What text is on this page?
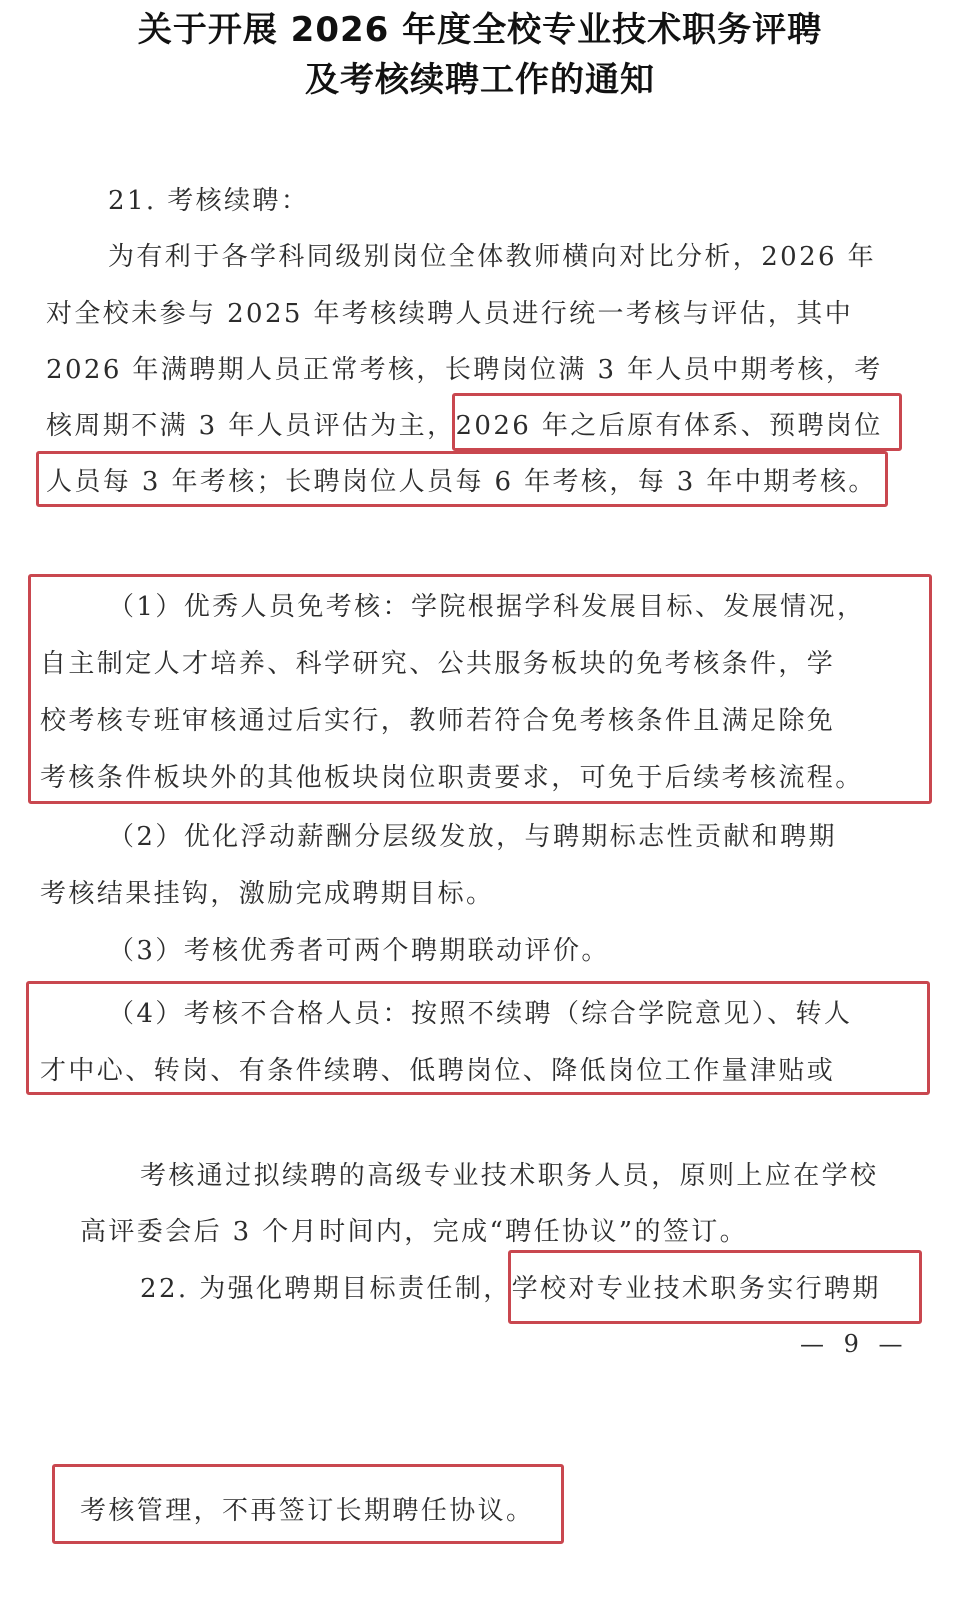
关于开展 2026 年度全校专业技术职务评聘
及考核续聘工作的通知
21. 考核续聘：
为有利于各学科同级别岗位全体教师横向对比分析，2026 年
对全校未参与 2025 年考核续聘人员进行统一考核与评估，其中
2026 年满聘期人员正常考核，长聘岗位满 3 年人员中期考核，考
核周期不满 3 年人员评估为主，2026 年之后原有体系、预聘岗位
人员每 3 年考核；长聘岗位人员每 6 年考核，每 3 年中期考核。
（1）优秀人员免考核：学院根据学科发展目标、发展情况，
自主制定人才培养、科学研究、公共服务板块的免考核条件，学
校考核专班审核通过后实行，教师若符合免考核条件且满足除免
考核条件板块外的其他板块岗位职责要求，可免于后续考核流程。
（2）优化浮动薪酬分层级发放，与聘期标志性贡献和聘期
考核结果挂钩，激励完成聘期目标。
（3）考核优秀者可两个聘期联动评价。
（4）考核不合格人员：按照不续聘（综合学院意见）、转人
才中心、转岗、有条件续聘、低聘岗位、降低岗位工作量津贴或
考核通过拟续聘的高级专业技术职务人员，原则上应在学校
高评委会后 3 个月时间内，完成“聘任协议”的签订。
22. 为强化聘期目标责任制，学校对专业技术职务实行聘期
— 9 —
考核管理，不再签订长期聘任协议。
